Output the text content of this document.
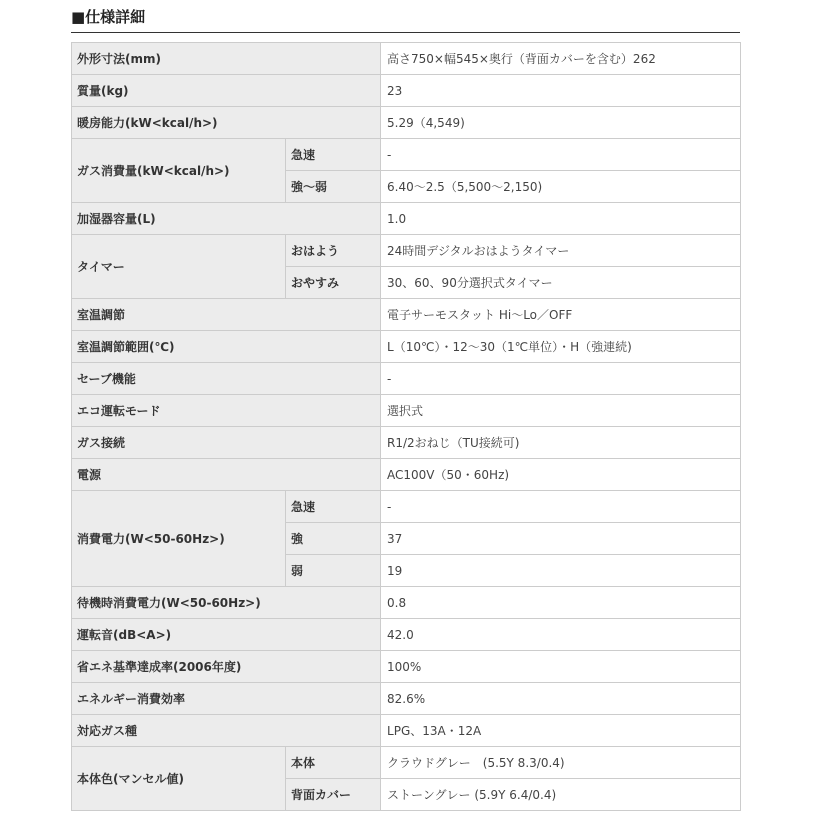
■仕様詳細
外形寸法(mm)		高さ750×幅545×奥行（背面カバーを含む）262
質量(kg)		23
暖房能力(kW<kcal/h>)		5.29（4,549)
ガス消費量(kW<kcal/h>)	急速	-
	強～弱	6.40～2.5（5,500～2,150)
加湿器容量(L)		1.0
タイマー	おはよう	24時間デジタルおはようタイマー
	おやすみ	30、60、90分選択式タイマー
室温調節		電子サーモスタット Hi～Lo／OFF
室温調節範囲(℃)		L（10℃）・12～30（1℃単位）・H（強連続)
セーブ機能		-
エコ運転モード		選択式
ガス接続		R1/2おねじ（TU接続可)
電源		AC100V（50・60Hz)
消費電力(W<50-60Hz>)	急速	-
	強	37
	弱	19
待機時消費電力(W<50-60Hz>)		0.8
運転音(dB<A>)		42.0
省エネ基準達成率(2006年度)		100%
エネルギー消費効率		82.6%
対応ガス種		LPG、13A・12A
本体色(マンセル値)	本体	クラウドグレー　(5.5Y 8.3/0.4)
	背面カバー	ストーングレー (5.9Y 6.4/0.4)
